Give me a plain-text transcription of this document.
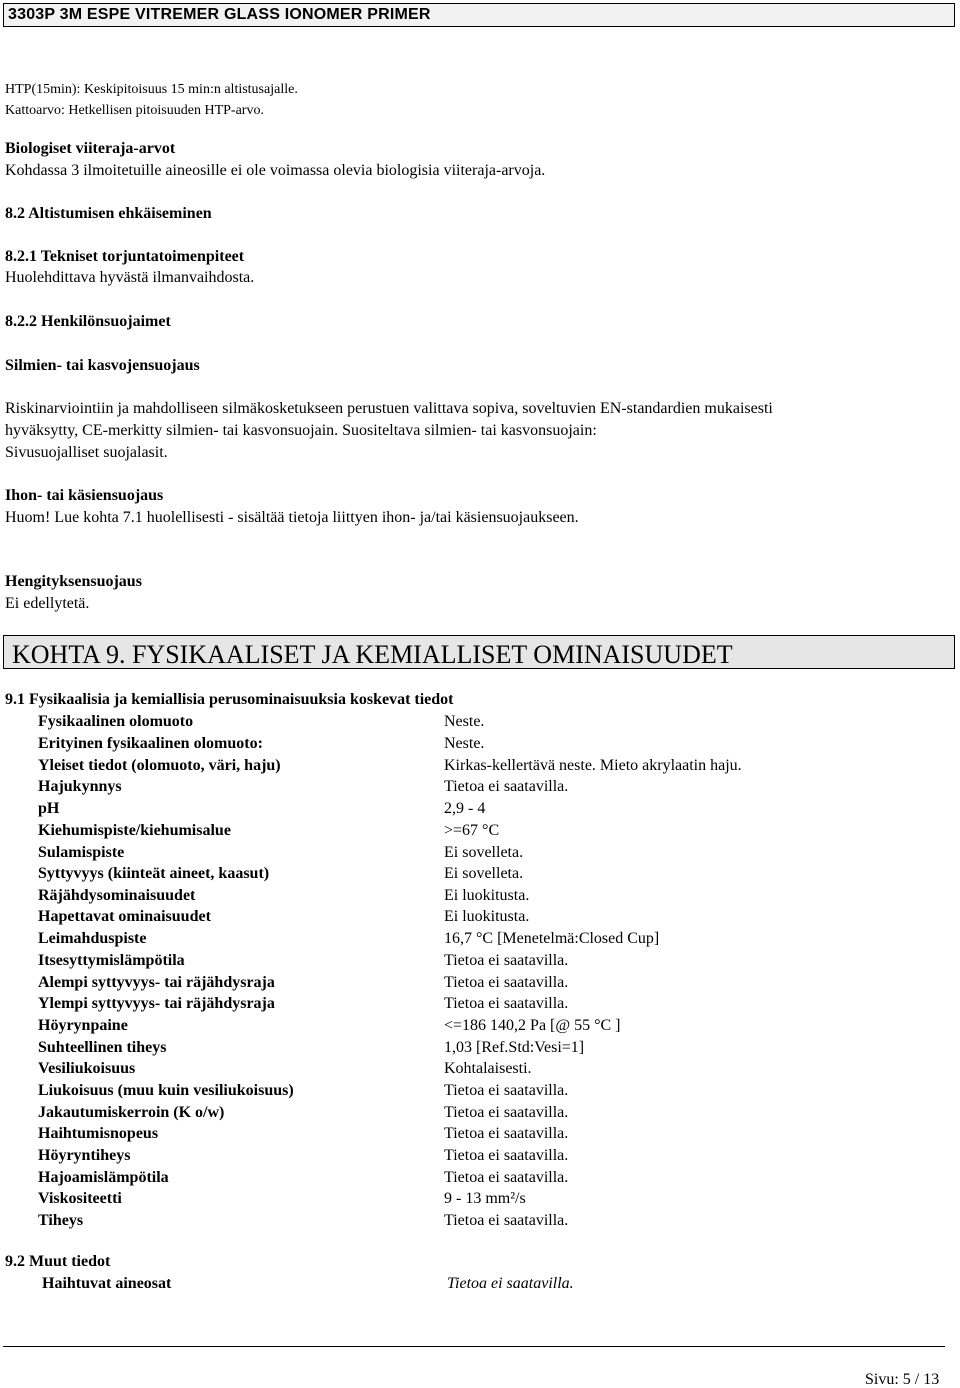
3303P 3M ESPE VITREMER GLASS IONOMER PRIMER
HTP(15min): Keskipitoisuus 15 min:n altistusajalle.
Kattoarvo: Hetkellisen pitoisuuden HTP-arvo.
Biologiset viiteraja-arvot
Kohdassa 3 ilmoitetuille aineosille ei ole voimassa olevia biologisia viiteraja-arvoja.
8.2 Altistumisen ehkäiseminen
8.2.1 Tekniset torjuntatoimenpiteet
Huolehdittava hyvästä ilmanvaihdosta.
8.2.2 Henkilönsuojaimet
Silmien- tai kasvojensuojaus
Riskinarviointiin ja mahdolliseen silmäkosketukseen perustuen valittava sopiva, soveltuvien EN-standardien mukaisesti
hyväksytty, CE-merkitty silmien- tai kasvonsuojain. Suositeltava silmien- tai kasvonsuojain:
Sivusuojalliset suojalasit.
Ihon- tai käsiensuojaus
Huom! Lue kohta 7.1 huolellisesti - sisältää tietoja liittyen ihon- ja/tai käsiensuojaukseen.
Hengityksensuojaus
Ei edellytetä.
KOHTA 9. FYSIKAALISET JA KEMIALLISET OMINAISUUDET
9.1 Fysikaalisia ja kemiallisia perusominaisuuksia koskevat tiedot
Fysikaalinen olomuoto	Neste.
Erityinen fysikaalinen olomuoto:	Neste.
Yleiset tiedot (olomuoto, väri, haju)	Kirkas-kellertävä neste. Mieto akrylaatin haju.
Hajukynnys	Tietoa ei saatavilla.
pH	2,9 - 4
Kiehumispiste/kiehumisalue	>=67 °C
Sulamispiste	Ei sovelleta.
Syttyvyys (kiinteät aineet, kaasut)	Ei sovelleta.
Räjähdysominaisuudet	Ei luokitusta.
Hapettavat ominaisuudet	Ei luokitusta.
Leimahduspiste	16,7 °C [Menetelmä:Closed Cup]
Itsesyttymislämpötila	Tietoa ei saatavilla.
Alempi syttyvyys- tai räjähdysraja	Tietoa ei saatavilla.
Ylempi syttyvyys- tai räjähdysraja	Tietoa ei saatavilla.
Höyrynpaine	<=186 140,2 Pa [@ 55 °C ]
Suhteellinen tiheys	1,03 [Ref.Std:Vesi=1]
Vesiliukoisuus	Kohtalaisesti.
Liukoisuus (muu kuin vesiliukoisuus)	Tietoa ei saatavilla.
Jakautumiskerroin (K o/w)	Tietoa ei saatavilla.
Haihtumisnopeus	Tietoa ei saatavilla.
Höyryntiheys	Tietoa ei saatavilla.
Hajoamislämpötila	Tietoa ei saatavilla.
Viskositeetti	9 - 13 mm²/s
Tiheys	Tietoa ei saatavilla.
9.2 Muut tiedot
Haihtuvat aineosat	Tietoa ei saatavilla.
Sivu: 5 / 13
